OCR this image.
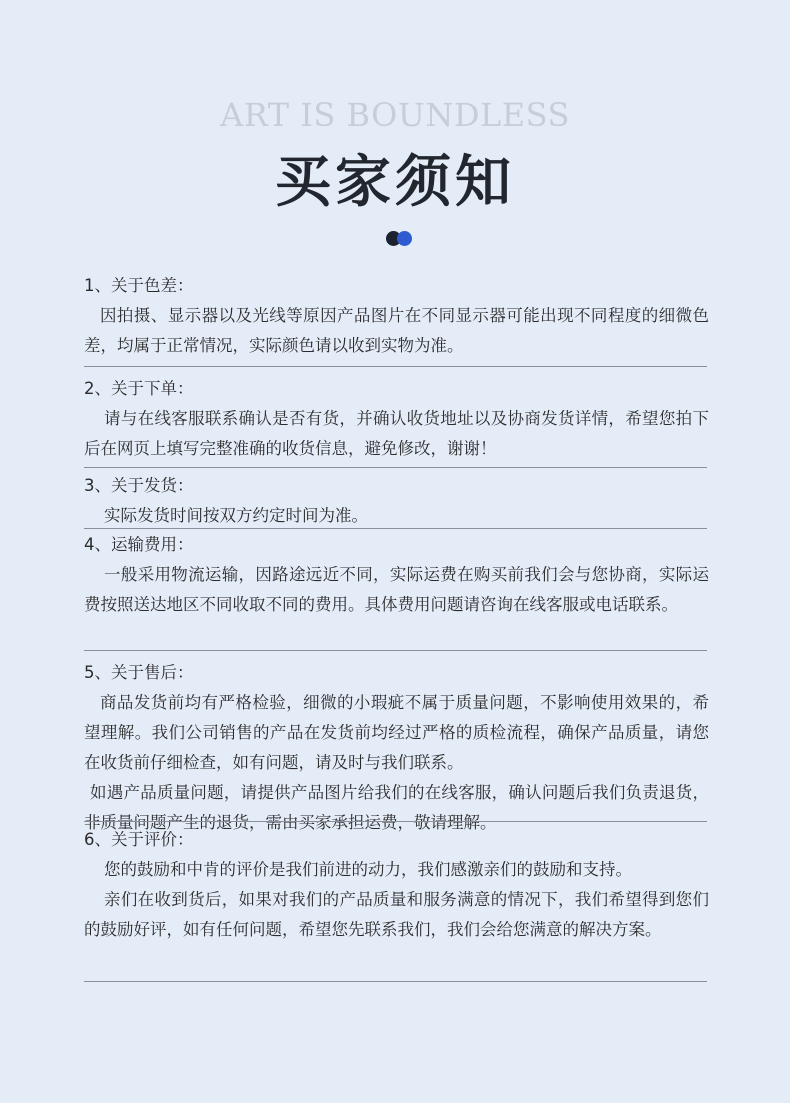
ART IS BOUNDLESS
买家须知

1、关于色差：

因拍摄、显示器以及光线等原因产品图片在不同显示器可能出现不同程度的细微色差，均属于正常情况，实际颜色请以收到实物为准。

2、关于下单：

请与在线客服联系确认是否有货，并确认收货地址以及协商发货详情，希望您拍下后在网页上填写完整准确的收货信息，避免修改，谢谢！

3、关于发货：

实际发货时间按双方约定时间为准。

4、运输费用：

一般采用物流运输，因路途远近不同，实际运费在购买前我们会与您协商，实际运费按照送达地区不同收取不同的费用。具体费用问题请咨询在线客服或电话联系。

5、关于售后：

商品发货前均有严格检验，细微的小瑕疵不属于质量问题，不影响使用效果的，希望理解。我们公司销售的产品在发货前均经过严格的质检流程，确保产品质量，请您在收货前仔细检查，如有问题，请及时与我们联系。

如遇产品质量问题，请提供产品图片给我们的在线客服，确认问题后我们负责退货，非质量问题产生的退货，需由买家承担运费，敬请理解。

6、关于评价：

您的鼓励和中肯的评价是我们前进的动力，我们感激亲们的鼓励和支持。

亲们在收到货后，如果对我们的产品质量和服务满意的情况下，我们希望得到您们的鼓励好评，如有任何问题，希望您先联系我们，我们会给您满意的解决方案。
